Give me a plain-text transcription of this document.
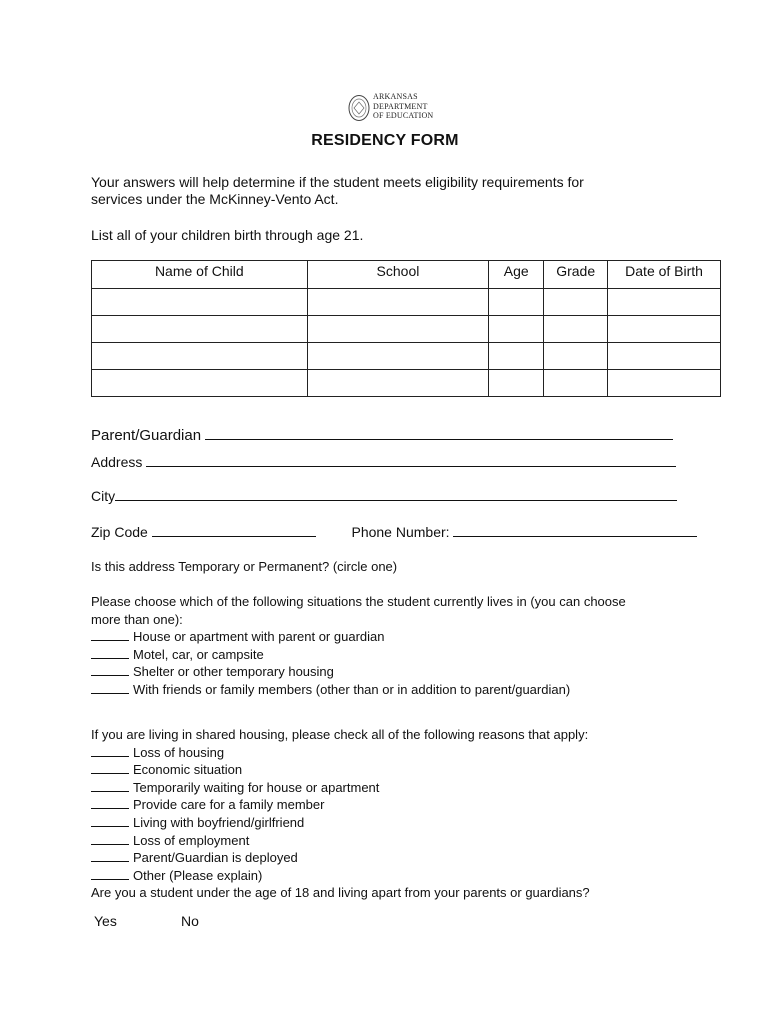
ARKANSAS
DEPARTMENT
OF EDUCATION
RESIDENCY FORM
Your answers will help determine if the student meets eligibility requirements for
services under the McKinney-Vento Act.
List all of your children birth through age 21.
Name of Child	School	Age	Grade	Date of Birth

Parent/Guardian
Address
City
Zip Code	Phone Number:
Is this address Temporary or Permanent? (circle one)
Please choose which of the following situations the student currently lives in (you can choose
more than one):
House or apartment with parent or guardian
Motel, car, or campsite
Shelter or other temporary housing
With friends or family members (other than or in addition to parent/guardian)
If you are living in shared housing, please check all of the following reasons that apply:
Loss of housing
Economic situation
Temporarily waiting for house or apartment
Provide care for a family member
Living with boyfriend/girlfriend
Loss of employment
Parent/Guardian is deployed
Other (Please explain)
Are you a student under the age of 18 and living apart from your parents or guardians?
Yes	No
